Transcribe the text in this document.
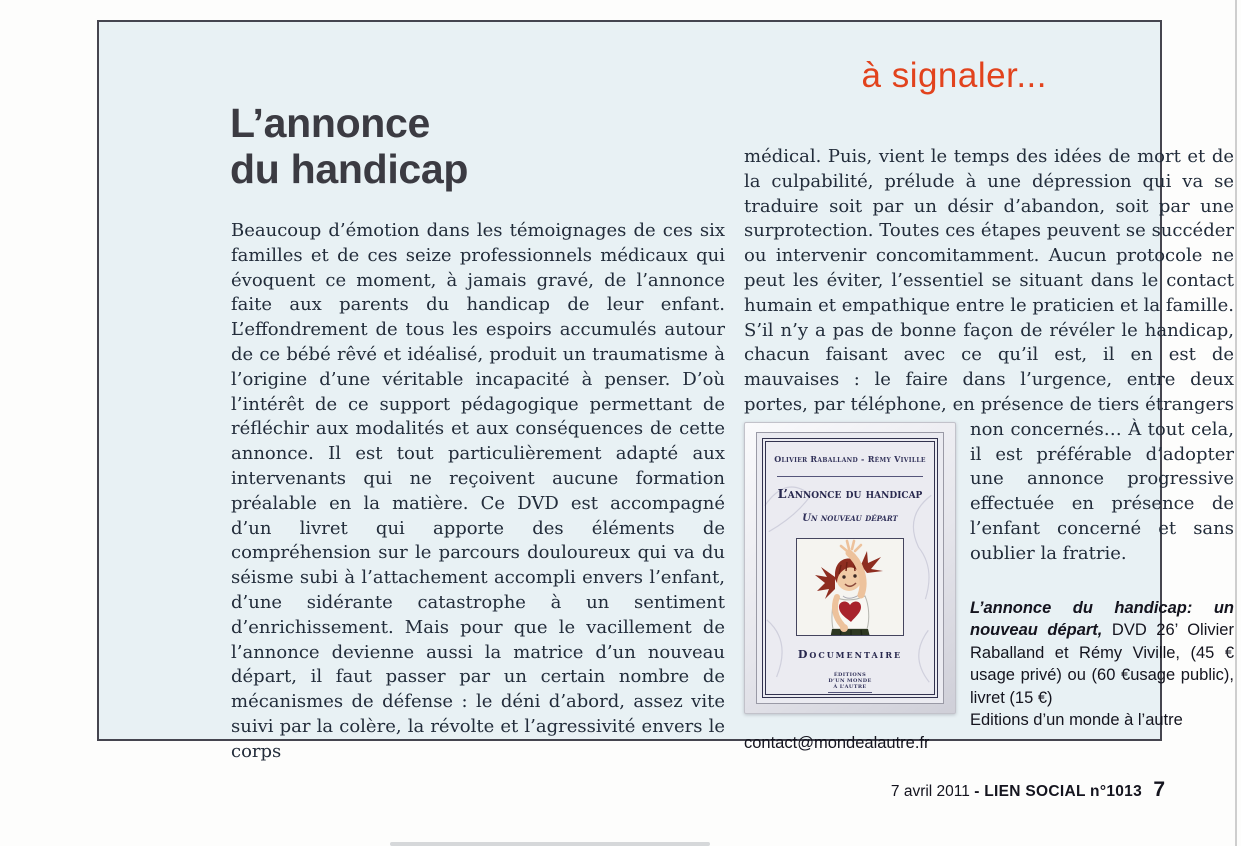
à signaler...
L’annonce
du handicap
Beaucoup d’émotion dans les témoignages de ces six familles et de ces seize professionnels médicaux qui évoquent ce moment, à jamais gravé, de l’annonce faite aux parents du handicap de leur enfant. L’effondrement de tous les espoirs accumulés autour de ce bébé rêvé et idéalisé, produit un traumatisme à l’origine d’une véritable incapacité à penser. D’où l’intérêt de ce support pédagogique permettant de réfléchir aux modalités et aux conséquences de cette annonce. Il est tout particulièrement adapté aux intervenants qui ne reçoivent aucune formation préalable en la matière. Ce DVD est accompagné d’un livret qui apporte des éléments de compréhension sur le parcours douloureux qui va du séisme subi à l’attachement accompli envers l’enfant, d’une sidérante catastrophe à un sentiment d’enrichissement. Mais pour que le vacillement de l’annonce devienne aussi la matrice d’un nouveau départ, il faut passer par un certain nombre de mécanismes de défense : le déni d’abord, assez vite suivi par la colère, la révolte et l’agressivité envers le corps

médical. Puis, vient le temps des idées de mort et de la culpabilité, prélude à une dépression qui va se traduire soit par un désir d’abandon, soit par une surprotection. Toutes ces étapes peuvent se succéder ou intervenir concomitamment. Aucun protocole ne peut les éviter, l’essentiel se situant dans le contact humain et empathique entre le praticien et la famille. S’il n’y a pas de bonne façon de révéler le handicap, chacun faisant avec ce qu’il est, il en est de mauvaises : le faire dans l’urgence, entre deux portes, par téléphone, en présence de tiers étrangers non concernés… À tout
Olivier Raballand - Rémy Viville
L’annonce du handicap
Un nouveau départ
Documentaire
ÉDITIONS
D’UN MONDE
À L’AUTRE
cela, il est préférable d’adopter une annonce progressive effectuée en présence de l’enfant concerné et sans oublier la fratrie.

L’annonce du handicap: un nouveau départ, DVD 26’ Olivier Raballand et Rémy Viville, (45 € usage privé) ou (60 €usage public), livret (15 €)

Editions d’un monde à l’autre
contact@mondealautre.fr
7 avril 2011 - LIEN SOCIAL n°1013 7
